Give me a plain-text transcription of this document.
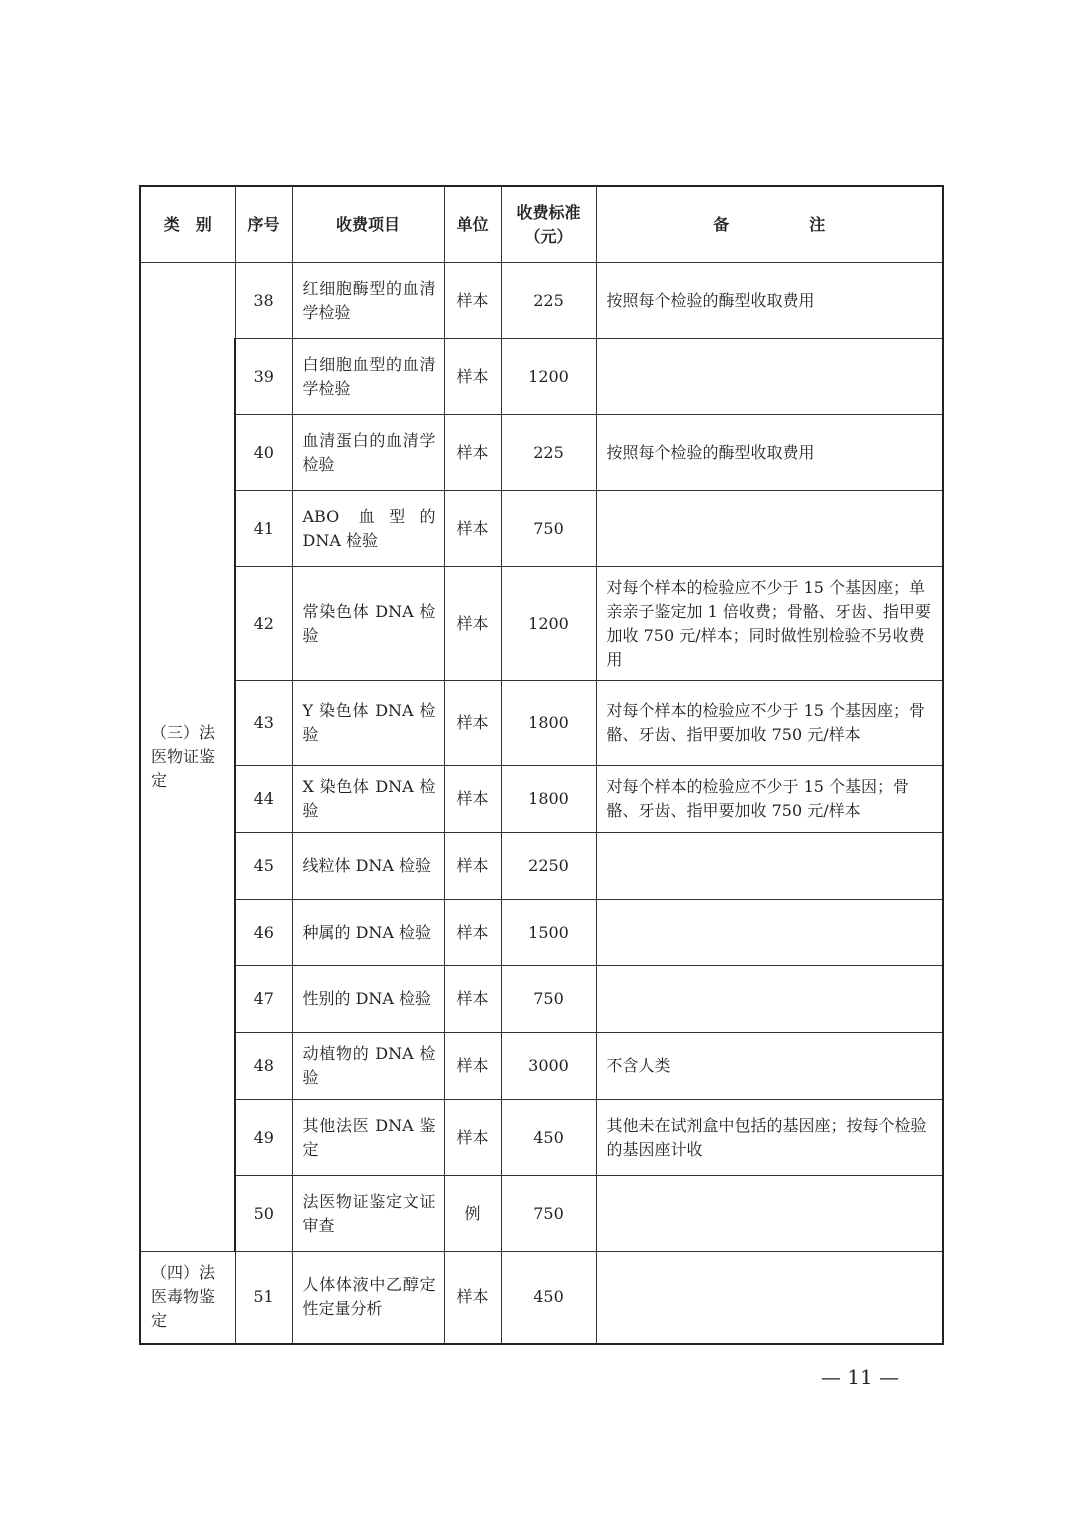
类　别	序号	收费项目	单位	收费标准（元）	备 注
（三）法医物证鉴定	38	红细胞酶型的血清学检验	样本	225	按照每个检验的酶型收取费用
	39	白细胞血型的血清学检验	样本	1200	
	40	血清蛋白的血清学检验	样本	225	按照每个检验的酶型收取费用
	41	ABO 血型的 DNA 检验	样本	750	
	42	常染色体 DNA 检验	样本	1200	对每个样本的检验应不少于 15 个基因座；单亲亲子鉴定加 1 倍收费；骨骼、牙齿、指甲要加收 750 元/样本；同时做性别检验不另收费用
	43	Y 染色体 DNA 检验	样本	1800	对每个样本的检验应不少于 15 个基因座；骨骼、牙齿、指甲要加收 750 元/样本
	44	X 染色体 DNA 检验	样本	1800	对每个样本的检验应不少于 15 个基因；骨骼、牙齿、指甲要加收 750 元/样本
	45	线粒体 DNA 检验	样本	2250	
	46	种属的 DNA 检验	样本	1500	
	47	性别的 DNA 检验	样本	750	
	48	动植物的 DNA 检验	样本	3000	不含人类
	49	其他法医 DNA 鉴定	样本	450	其他未在试剂盒中包括的基因座；按每个检验的基因座计收
	50	法医物证鉴定文证审查	例	750	
（四）法医毒物鉴定	51	人体体液中乙醇定性定量分析	样本	450	
— 11 —
